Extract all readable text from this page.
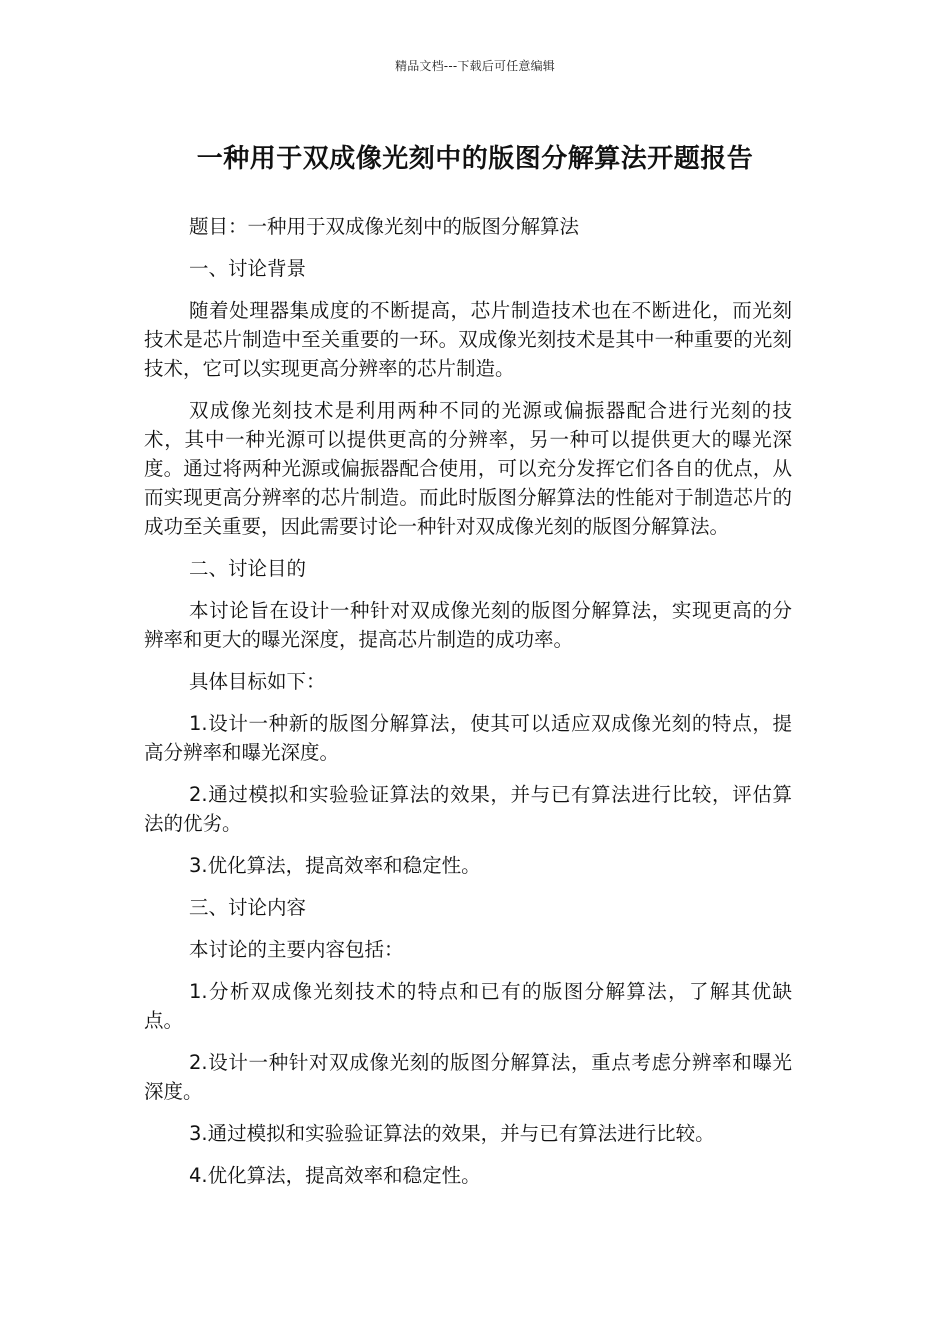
精品文档---下载后可任意编辑
一种用于双成像光刻中的版图分解算法开题报告

题目：一种用于双成像光刻中的版图分解算法

一、讨论背景

随着处理器集成度的不断提高，芯片制造技术也在不断进化，而光刻技术是芯片制造中至关重要的一环。双成像光刻技术是其中一种重要的光刻技术，它可以实现更高分辨率的芯片制造。

双成像光刻技术是利用两种不同的光源或偏振器配合进行光刻的技术，其中一种光源可以提供更高的分辨率，另一种可以提供更大的曝光深度。通过将两种光源或偏振器配合使用，可以充分发挥它们各自的优点，从而实现更高分辨率的芯片制造。而此时版图分解算法的性能对于制造芯片的成功至关重要，因此需要讨论一种针对双成像光刻的版图分解算法。

二、讨论目的

本讨论旨在设计一种针对双成像光刻的版图分解算法，实现更高的分辨率和更大的曝光深度，提高芯片制造的成功率。

具体目标如下：

1.设计一种新的版图分解算法，使其可以适应双成像光刻的特点，提高分辨率和曝光深度。

2.通过模拟和实验验证算法的效果，并与已有算法进行比较，评估算法的优劣。

3.优化算法，提高效率和稳定性。

三、讨论内容

本讨论的主要内容包括：

1.分析双成像光刻技术的特点和已有的版图分解算法，了解其优缺点。

2.设计一种针对双成像光刻的版图分解算法，重点考虑分辨率和曝光深度。

3.通过模拟和实验验证算法的效果，并与已有算法进行比较。

4.优化算法，提高效率和稳定性。
